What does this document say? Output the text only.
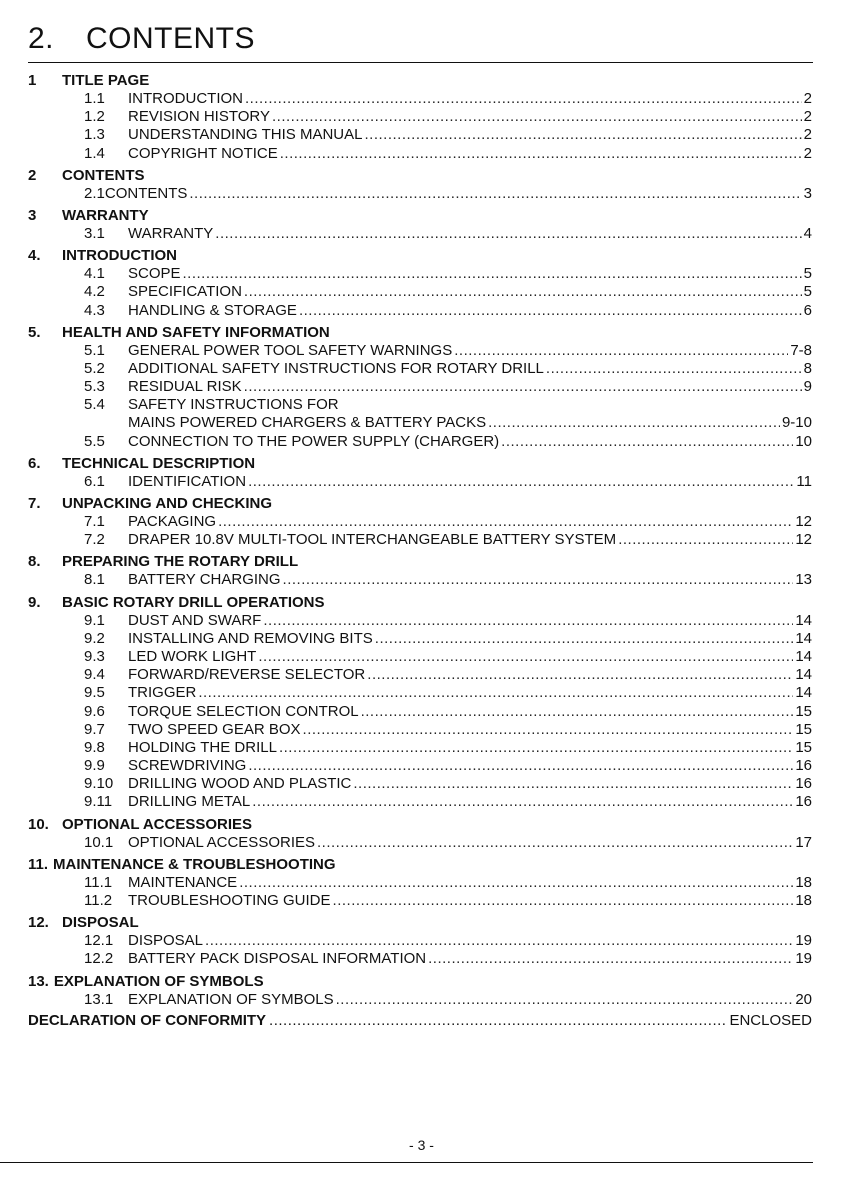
2. CONTENTS
1 TITLE PAGE
1.1	INTRODUCTION .....	2
1.2	REVISION HISTORY .....	2
1.3	UNDERSTANDING THIS MANUAL .....	2
1.4	COPYRIGHT NOTICE .....	2
2 CONTENTS
2.1 CONTENTS .....	3
3 WARRANTY
3.1	WARRANTY .....	4
4. INTRODUCTION
4.1	SCOPE .....	5
4.2	SPECIFICATION .....	5
4.3	HANDLING & STORAGE .....	6
5. HEALTH AND SAFETY INFORMATION
5.1	GENERAL POWER TOOL SAFETY WARNINGS .....	7-8
5.2	ADDITIONAL SAFETY INSTRUCTIONS FOR ROTARY DRILL .....	8
5.3	RESIDUAL RISK .....	9
5.4	SAFETY INSTRUCTIONS FOR
MAINS POWERED CHARGERS & BATTERY PACKS .....	9-10
5.5	CONNECTION TO THE POWER SUPPLY (CHARGER) .....	10
6. TECHNICAL DESCRIPTION
6.1	IDENTIFICATION .....	11
7. UNPACKING AND CHECKING
7.1	PACKAGING .....	12
7.2	DRAPER 10.8V MULTI-TOOL INTERCHANGEABLE BATTERY SYSTEM .....	12
8. PREPARING THE ROTARY DRILL
8.1	BATTERY CHARGING .....	13
9. BASIC ROTARY DRILL OPERATIONS
9.1	DUST AND SWARF .....	14
9.2	INSTALLING AND REMOVING BITS .....	14
9.3	LED WORK LIGHT .....	14
9.4	FORWARD/REVERSE SELECTOR .....	14
9.5	TRIGGER .....	14
9.6	TORQUE SELECTION CONTROL .....	15
9.7	TWO SPEED GEAR BOX .....	15
9.8	HOLDING THE DRILL .....	15
9.9	SCREWDRIVING .....	16
9.10 DRILLING WOOD AND PLASTIC .....	16
9.11	DRILLING METAL .....	16
10. OPTIONAL ACCESSORIES
10.1 OPTIONAL ACCESSORIES .....	17
11. MAINTENANCE & TROUBLESHOOTING
11.1	MAINTENANCE .....	18
11.2	TROUBLESHOOTING GUIDE .....	18
12. DISPOSAL
12.1 DISPOSAL .....	19
12.2 BATTERY PACK DISPOSAL INFORMATION .....	19
13. EXPLANATION OF SYMBOLS
13.1 EXPLANATION OF SYMBOLS .....	20
DECLARATION OF CONFORMITY .....	ENCLOSED
- 3 -
